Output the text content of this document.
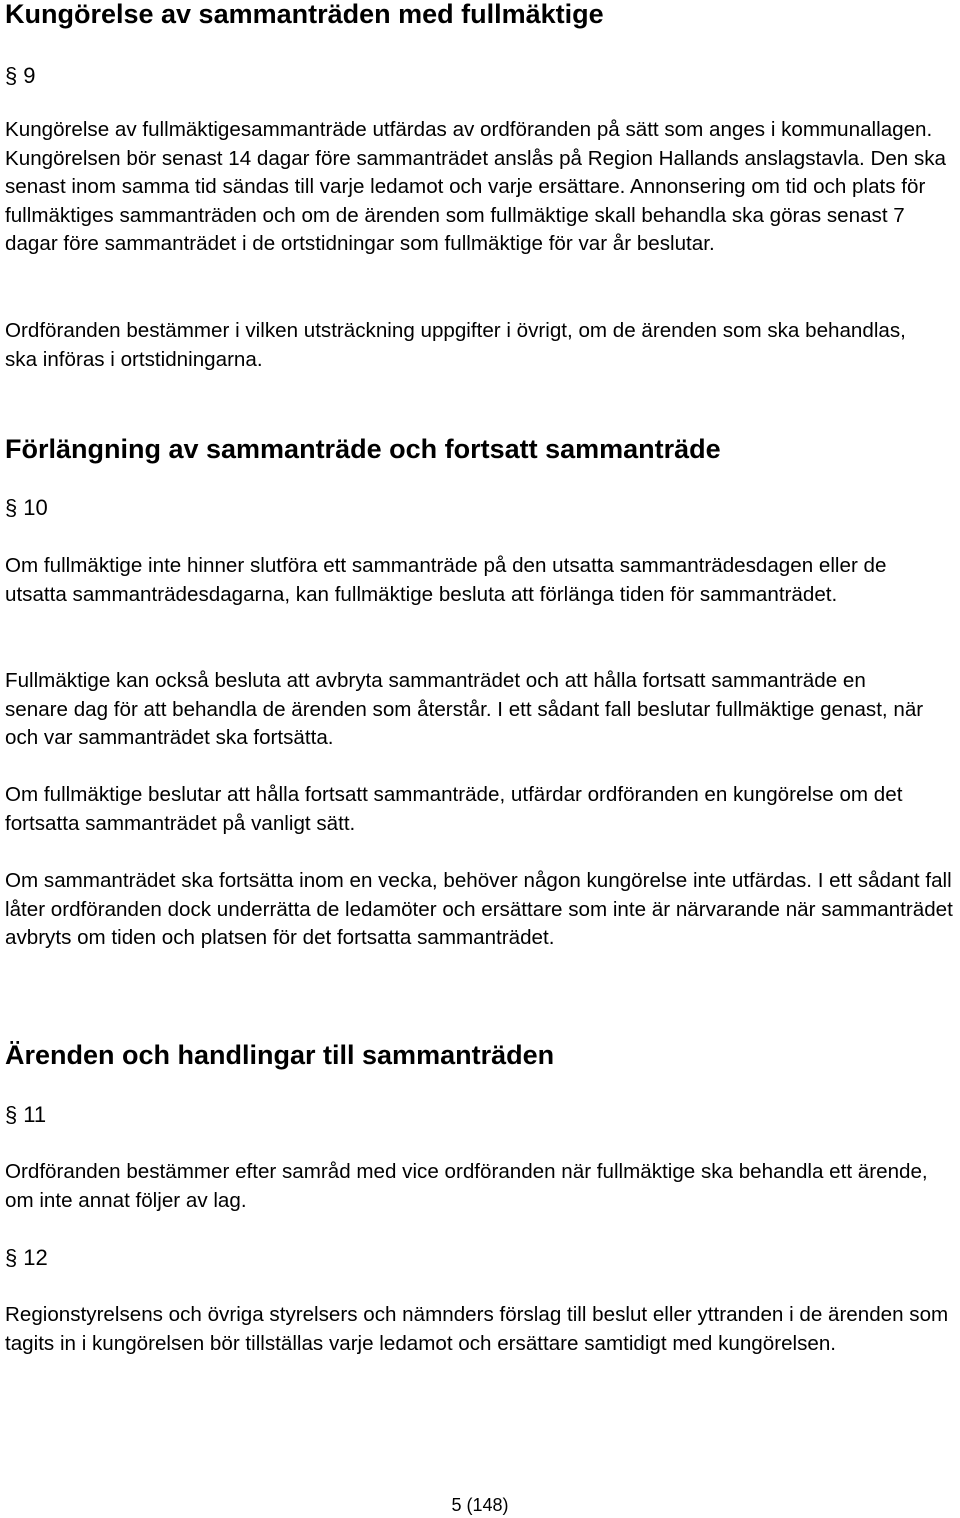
Kungörelse av sammanträden med fullmäktige
§ 9

Kungörelse av fullmäktigesammanträde utfärdas av ordföranden på sätt som anges i kommunallagen. Kungörelsen bör senast 14 dagar före sammanträdet anslås på Region Hallands anslagstavla. Den ska senast inom samma tid sändas till varje ledamot och varje ersättare. Annonsering om tid och plats för fullmäktiges sammanträden och om de ärenden som fullmäktige skall behandla ska göras senast 7 dagar före sammanträdet i de ortstidningar som fullmäktige för var år beslutar.

Ordföranden bestämmer i vilken utsträckning uppgifter i övrigt, om de ärenden som ska behandlas, ska införas i ortstidningarna.

Förlängning av sammanträde och fortsatt sammanträde
§ 10

Om fullmäktige inte hinner slutföra ett sammanträde på den utsatta sammanträdesdagen eller de utsatta sammanträdesdagarna, kan fullmäktige besluta att förlänga tiden för sammanträdet.

Fullmäktige kan också besluta att avbryta sammanträdet och att hålla fortsatt sammanträde en senare dag för att behandla de ärenden som återstår. I ett sådant fall beslutar fullmäktige genast, när och var sammanträdet ska fortsätta.

Om fullmäktige beslutar att hålla fortsatt sammanträde, utfärdar ordföranden en kungörelse om det fortsatta sammanträdet på vanligt sätt.

Om sammanträdet ska fortsätta inom en vecka, behöver någon kungörelse inte utfärdas. I ett sådant fall låter ordföranden dock underrätta de ledamöter och ersättare som inte är närvarande när sammanträdet avbryts om tiden och platsen för det fortsatta sammanträdet.

Ärenden och handlingar till sammanträden
§ 11

Ordföranden bestämmer efter samråd med vice ordföranden när fullmäktige ska behandla ett ärende, om inte annat följer av lag.

§ 12

Regionstyrelsens och övriga styrelsers och nämnders förslag till beslut eller yttranden i de ärenden som tagits in i kungörelsen bör tillställas varje ledamot och ersättare samtidigt med kungörelsen.

5 (148)
